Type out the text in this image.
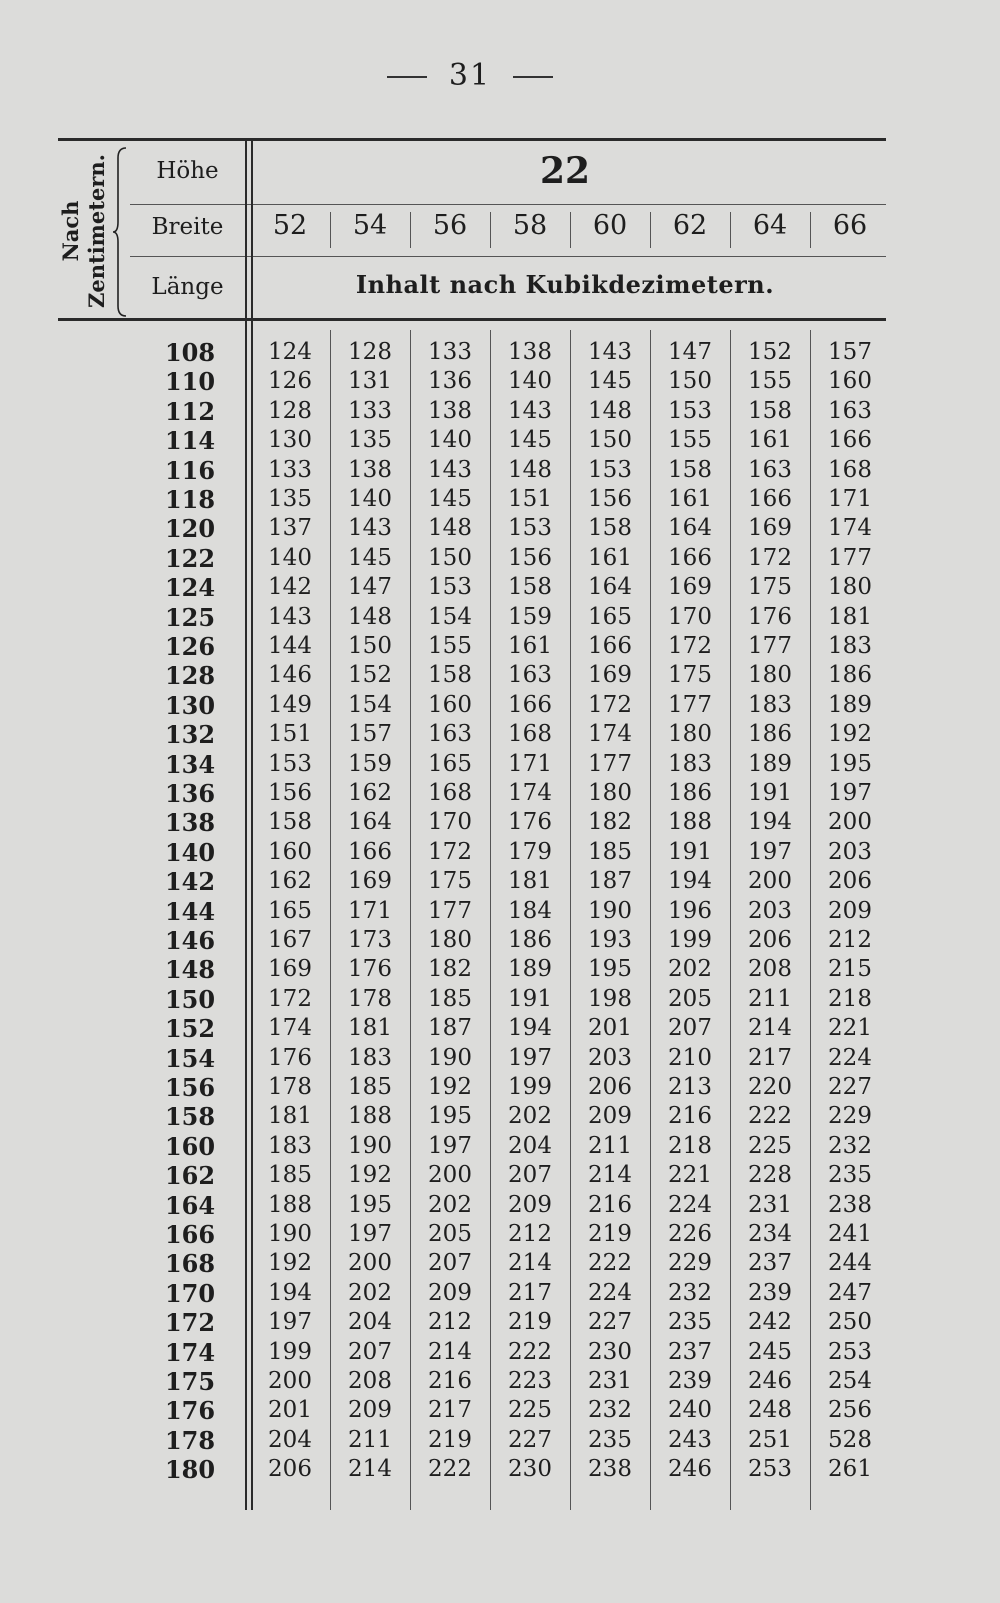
31
Nach
Zentimetern.	Höhe
Breite
Länge
22
Inhalt nach Kubikdezimetern.
52	54	56	58	60	62	64	66
108	124	128	133	138	143	147	152	157
110	126	131	136	140	145	150	155	160
112	128	133	138	143	148	153	158	163
114	130	135	140	145	150	155	161	166
116	133	138	143	148	153	158	163	168
118	135	140	145	151	156	161	166	171
120	137	143	148	153	158	164	169	174
122	140	145	150	156	161	166	172	177
124	142	147	153	158	164	169	175	180
125	143	148	154	159	165	170	176	181
126	144	150	155	161	166	172	177	183
128	146	152	158	163	169	175	180	186
130	149	154	160	166	172	177	183	189
132	151	157	163	168	174	180	186	192
134	153	159	165	171	177	183	189	195
136	156	162	168	174	180	186	191	197
138	158	164	170	176	182	188	194	200
140	160	166	172	179	185	191	197	203
142	162	169	175	181	187	194	200	206
144	165	171	177	184	190	196	203	209
146	167	173	180	186	193	199	206	212
148	169	176	182	189	195	202	208	215
150	172	178	185	191	198	205	211	218
152	174	181	187	194	201	207	214	221
154	176	183	190	197	203	210	217	224
156	178	185	192	199	206	213	220	227
158	181	188	195	202	209	216	222	229
160	183	190	197	204	211	218	225	232
162	185	192	200	207	214	221	228	235
164	188	195	202	209	216	224	231	238
166	190	197	205	212	219	226	234	241
168	192	200	207	214	222	229	237	244
170	194	202	209	217	224	232	239	247
172	197	204	212	219	227	235	242	250
174	199	207	214	222	230	237	245	253
175	200	208	216	223	231	239	246	254
176	201	209	217	225	232	240	248	256
178	204	211	219	227	235	243	251	528
180	206	214	222	230	238	246	253	261
